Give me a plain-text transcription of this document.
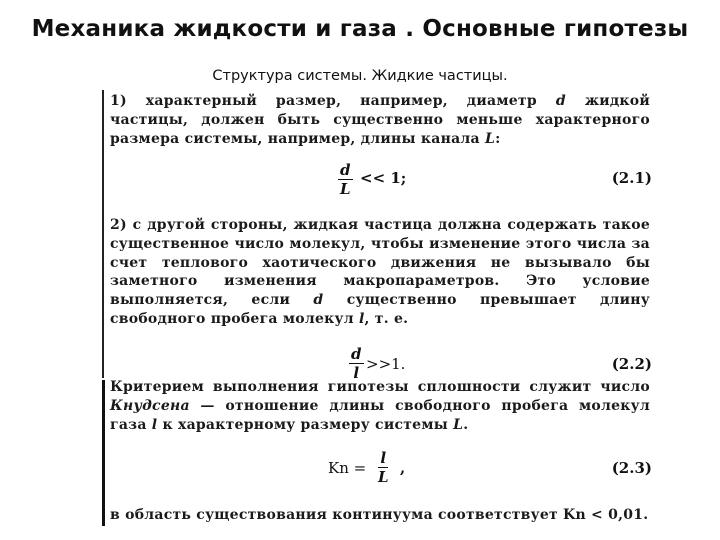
Механика жидкости и газа . Основные гипотезы
Структура системы. Жидкие частицы.
1) характерный размер, например, диаметр d жидкой частицы, должен быть существенно меньше характерного размера системы, например, длины канала L:
$\frac{d}{L} << 1$;	(2.1)
2) с другой стороны, жидкая частица должна содержать такое существенное число молекул, чтобы изменение этого числа за счет теплового хаотического движения не вызывало бы заметного изменения макропараметров. Это условие выполняется, если d существенно превышает длину свободного пробега молекул l, т. е.
$\frac{d}{l} >>1$.	(2.2)
Критерием выполнения гипотезы сплошности служит число Кнудсена — отношение длины свободного пробега молекул газа l к характерному размеру системы L.
$Kn = \frac{l}{L}$ ,	(2.3)
в область существования континуума соответствует Kn < 0,01.
